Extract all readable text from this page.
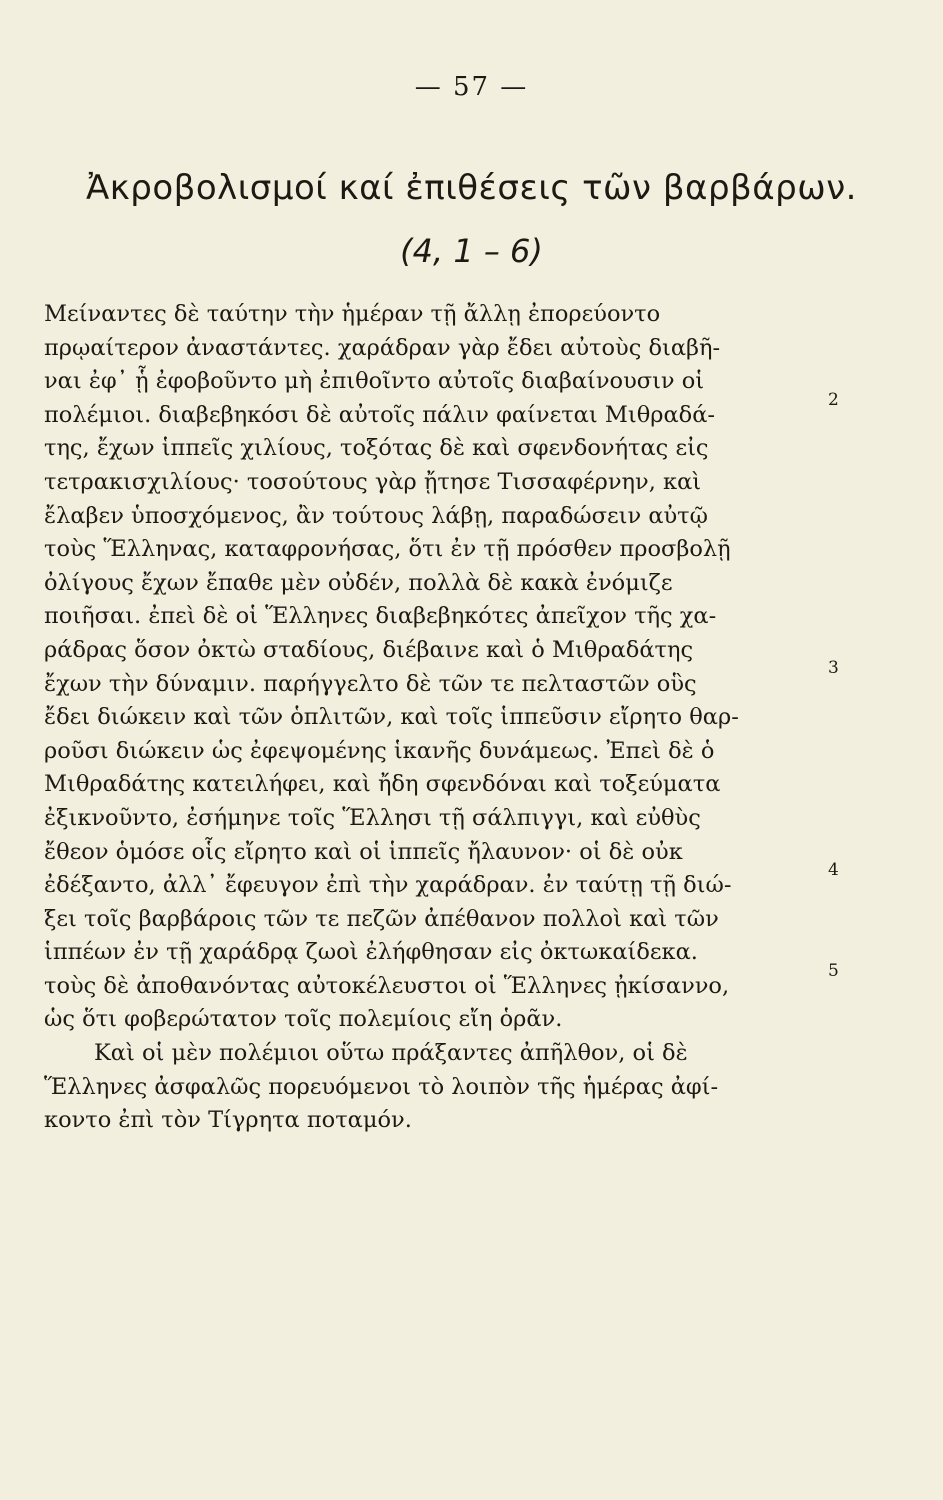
— 57 —
Ἀκροβολισμοί καί ἐπιθέσεις τῶν βαρβάρων.
(4, 1 – 6)
Μείναντες δὲ ταύτην τὴν ἡμέραν τῇ ἄλλῃ ἐπορεύοντο
πρῳαίτερον ἀναστάντες. χαράδραν γὰρ ἔδει αὐτοὺς διαβῆ-
ναι ἐφ᾽ ᾗ ἐφοβοῦντο μὴ ἐπιθοῖντο αὐτοῖς διαβαίνουσιν οἱ
πολέμιοι. διαβεβηκόσι δὲ αὐτοῖς πάλιν φαίνεται Μιθραδά-
της, ἔχων ἱππεῖς χιλίους, τοξότας δὲ καὶ σφενδονήτας εἰς
τετρακισχιλίους· τοσούτους γὰρ ᾔτησε Τισσαφέρνην, καὶ
ἔλαβεν ὑποσχόμενος, ἂν τούτους λάβῃ, παραδώσειν αὐτῷ
τοὺς Ἕλληνας, καταφρονήσας, ὅτι ἐν τῇ πρόσθεν προσβολῇ
ὀλίγους ἔχων ἔπαθε μὲν οὐδέν, πολλὰ δὲ κακὰ ἐνόμιζε
ποιῆσαι. ἐπεὶ δὲ οἱ Ἕλληνες διαβεβηκότες ἀπεῖχον τῆς χα-
ράδρας ὅσον ὀκτὼ σταδίους, διέβαινε καὶ ὁ Μιθραδάτης
ἔχων τὴν δύναμιν. παρήγγελτο δὲ τῶν τε πελταστῶν οὓς
ἔδει διώκειν καὶ τῶν ὁπλιτῶν, καὶ τοῖς ἱππεῦσιν εἴρητο θαρ-
ροῦσι διώκειν ὡς ἐφεψομένης ἱκανῆς δυνάμεως. Ἐπεὶ δὲ ὁ
Μιθραδάτης κατειλήφει, καὶ ἤδη σφενδόναι καὶ τοξεύματα
ἐξικνοῦντο, ἐσήμηνε τοῖς Ἕλλησι τῇ σάλπιγγι, καὶ εὐθὺς
ἔθεον ὁμόσε οἷς εἴρητο καὶ οἱ ἱππεῖς ἤλαυνον· οἱ δὲ οὐκ
ἐδέξαντο, ἀλλ᾽ ἔφευγον ἐπὶ τὴν χαράδραν. ἐν ταύτῃ τῇ διώ-
ξει τοῖς βαρβάροις τῶν τε πεζῶν ἀπέθανον πολλοὶ καὶ τῶν
ἱππέων ἐν τῇ χαράδρᾳ ζωοὶ ἐλήφθησαν εἰς ὀκτωκαίδεκα.
τοὺς δὲ ἀποθανόντας αὐτοκέλευστοι οἱ Ἕλληνες ᾐκίσαννο,
ὡς ὅτι φοβερώτατον τοῖς πολεμίοις εἴη ὁρᾶν.
Καὶ οἱ μὲν πολέμιοι οὕτω πράξαντες ἀπῆλθον, οἱ δὲ
Ἕλληνες ἀσφαλῶς πορευόμενοι τὸ λοιπὸν τῆς ἡμέρας ἀφί-
κοντο ἐπὶ τὸν Τίγρητα ποταμόν.
2
3
4
5
